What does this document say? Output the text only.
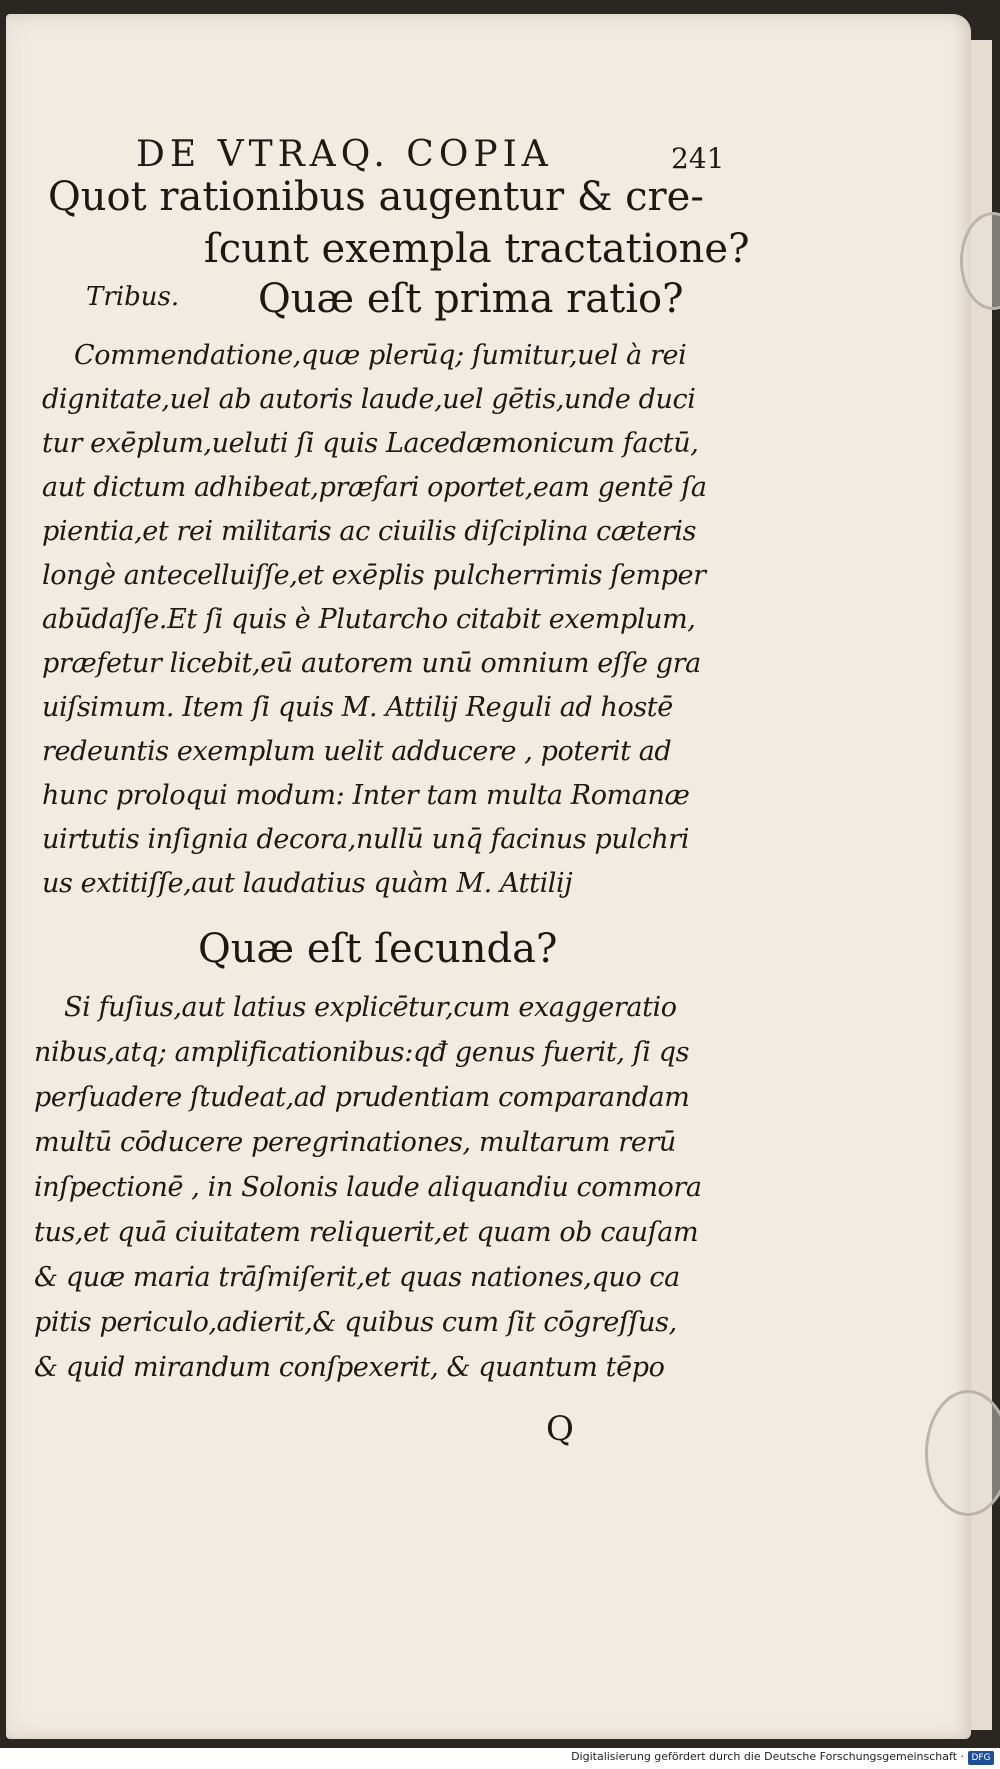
DE VTRAQ. COPIA	241
Quot rationibus augentur & cre‑
ſcunt exempla tractatione?
Tribus. Quæ eſt prima ratio?
Commendatione,quæ plerūq; ſumitur,uel à rei
dignitate,uel ab autoris laude,uel gētis,unde duci
tur exēplum,ueluti ſi quis Lacedæmonicum factū,
aut dictum adhibeat,præfari oportet,eam gentē ſa
pientia,et rei militaris ac ciuilis diſciplina cæteris
longè antecelluiſſe,et exēplis pulcherrimis ſemper
abūdaſſe.Et ſi quis è Plutarcho citabit exemplum,
præfetur licebit,eū autorem unū omnium eſſe gra
uiſsimum. Item ſi quis M. Attilij Reguli ad hostē
redeuntis exemplum uelit adducere , poterit ad
hunc proloqui modum: Inter tam multa Romanæ
uirtutis inſignia decora,nullū unq̄ facinus pulchri
us extitiſſe,aut laudatius quàm M. Attilij
Quæ eſt ſecunda?
Si fuſius,aut latius explicētur,cum exaggeratio
nibus,atq; amplificationibus:qđ genus fuerit, ſi qs
perſuadere ſtudeat,ad prudentiam comparandam
multū cōducere peregrinationes, multarum rerū
inſpectionē , in Solonis laude aliquandiu commora
tus,et quā ciuitatem reliquerit,et quam ob cauſam
& quæ maria trāſmiſerit,et quas nationes,quo ca
pitis periculo,adierit,& quibus cum ſit cōgreſſus,
& quid mirandum conſpexerit, & quantum tēpo
Q
Digitalisierung gefördert durch die Deutsche Forschungsgemeinschaft · DFG
